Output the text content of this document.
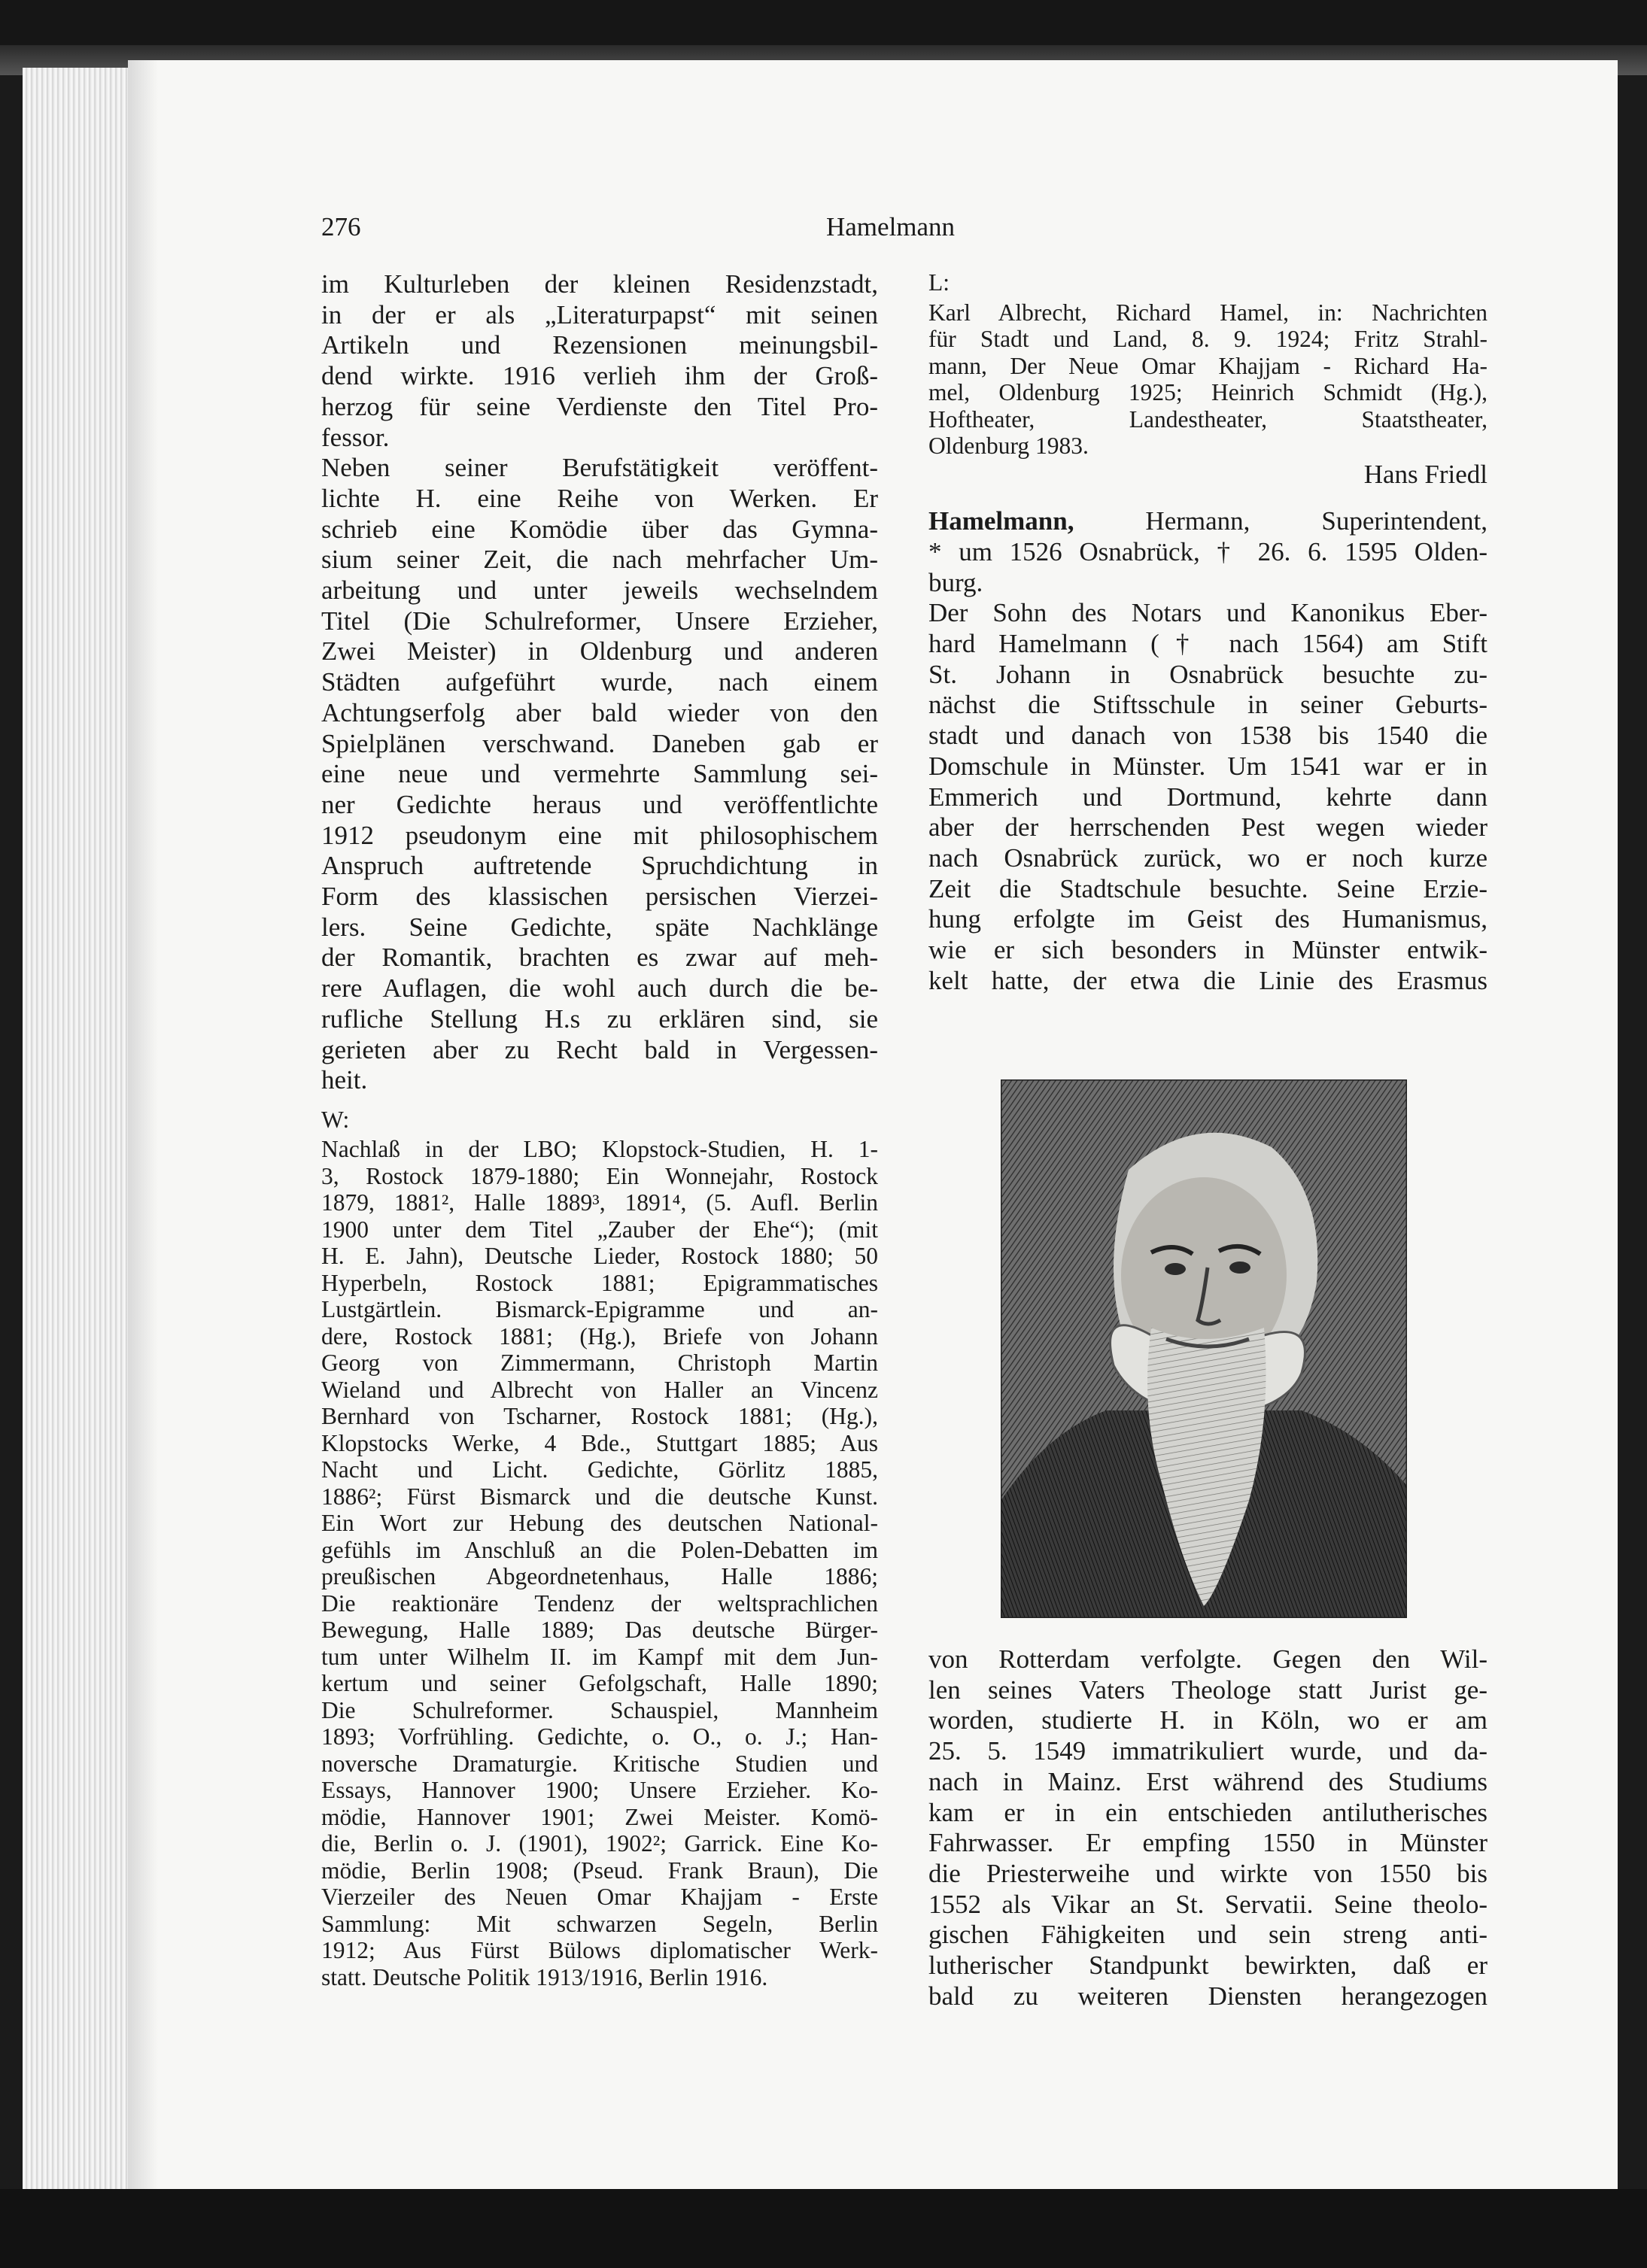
276	Hamelmann

im Kulturleben der kleinen Residenzstadt,

in der er als „Literaturpapst“ mit seinen

Artikeln und Rezensionen meinungsbil-

dend wirkte. 1916 verlieh ihm der Groß-

herzog für seine Verdienste den Titel Pro-

fessor.

Neben seiner Berufstätigkeit veröffent-

lichte H. eine Reihe von Werken. Er

schrieb eine Komödie über das Gymna-

sium seiner Zeit, die nach mehrfacher Um-

arbeitung und unter jeweils wechselndem

Titel (Die Schulreformer, Unsere Erzieher,

Zwei Meister) in Oldenburg und anderen

Städten aufgeführt wurde, nach einem

Achtungserfolg aber bald wieder von den

Spielplänen verschwand. Daneben gab er

eine neue und vermehrte Sammlung sei-

ner Gedichte heraus und veröffentlichte

1912 pseudonym eine mit philosophischem

Anspruch auftretende Spruchdichtung in

Form des klassischen persischen Vierzei-

lers. Seine Gedichte, späte Nachklänge

der Romantik, brachten es zwar auf meh-

rere Auflagen, die wohl auch durch die be-

rufliche Stellung H.s zu erklären sind, sie

gerieten aber zu Recht bald in Vergessen-

heit.

W:

Nachlaß in der LBO; Klopstock-Studien, H. 1-

3, Rostock 1879-1880; Ein Wonnejahr, Rostock

1879, 1881², Halle 1889³, 1891⁴, (5. Aufl. Berlin

1900 unter dem Titel „Zauber der Ehe“); (mit

H. E. Jahn), Deutsche Lieder, Rostock 1880; 50

Hyperbeln, Rostock 1881; Epigrammatisches

Lustgärtlein. Bismarck-Epigramme und an-

dere, Rostock 1881; (Hg.), Briefe von Johann

Georg von Zimmermann, Christoph Martin

Wieland und Albrecht von Haller an Vincenz

Bernhard von Tscharner, Rostock 1881; (Hg.),

Klopstocks Werke, 4 Bde., Stuttgart 1885; Aus

Nacht und Licht. Gedichte, Görlitz 1885,

1886²; Fürst Bismarck und die deutsche Kunst.

Ein Wort zur Hebung des deutschen National-

gefühls im Anschluß an die Polen-Debatten im

preußischen Abgeordnetenhaus, Halle 1886;

Die reaktionäre Tendenz der weltsprachlichen

Bewegung, Halle 1889; Das deutsche Bürger-

tum unter Wilhelm II. im Kampf mit dem Jun-

kertum und seiner Gefolgschaft, Halle 1890;

Die Schulreformer. Schauspiel, Mannheim

1893; Vorfrühling. Gedichte, o. O., o. J.; Han-

noversche Dramaturgie. Kritische Studien und

Essays, Hannover 1900; Unsere Erzieher. Ko-

mödie, Hannover 1901; Zwei Meister. Komö-

die, Berlin o. J. (1901), 1902²; Garrick. Eine Ko-

mödie, Berlin 1908; (Pseud. Frank Braun), Die

Vierzeiler des Neuen Omar Khajjam - Erste

Sammlung: Mit schwarzen Segeln, Berlin

1912; Aus Fürst Bülows diplomatischer Werk-

statt. Deutsche Politik 1913/1916, Berlin 1916.

L:

Karl Albrecht, Richard Hamel, in: Nachrichten

für Stadt und Land, 8. 9. 1924; Fritz Strahl-

mann, Der Neue Omar Khajjam - Richard Ha-

mel, Oldenburg 1925; Heinrich Schmidt (Hg.),

Hoftheater, Landestheater, Staatstheater,

Oldenburg 1983.

Hans Friedl

Hamelmann, Hermann, Superintendent,

* um 1526 Osnabrück, † 26. 6. 1595 Olden-

burg.

Der Sohn des Notars und Kanonikus Eber-

hard Hamelmann († nach 1564) am Stift

St. Johann in Osnabrück besuchte zu-

nächst die Stiftsschule in seiner Geburts-

stadt und danach von 1538 bis 1540 die

Domschule in Münster. Um 1541 war er in

Emmerich und Dortmund, kehrte dann

aber der herrschenden Pest wegen wieder

nach Osnabrück zurück, wo er noch kurze

Zeit die Stadtschule besuchte. Seine Erzie-

hung erfolgte im Geist des Humanismus,

wie er sich besonders in Münster entwik-

kelt hatte, der etwa die Linie des Erasmus

von Rotterdam verfolgte. Gegen den Wil-

len seines Vaters Theologe statt Jurist ge-

worden, studierte H. in Köln, wo er am

25. 5. 1549 immatrikuliert wurde, und da-

nach in Mainz. Erst während des Studiums

kam er in ein entschieden antilutherisches

Fahrwasser. Er empfing 1550 in Münster

die Priesterweihe und wirkte von 1550 bis

1552 als Vikar an St. Servatii. Seine theolo-

gischen Fähigkeiten und sein streng anti-

lutherischer Standpunkt bewirkten, daß er

bald zu weiteren Diensten herangezogen
